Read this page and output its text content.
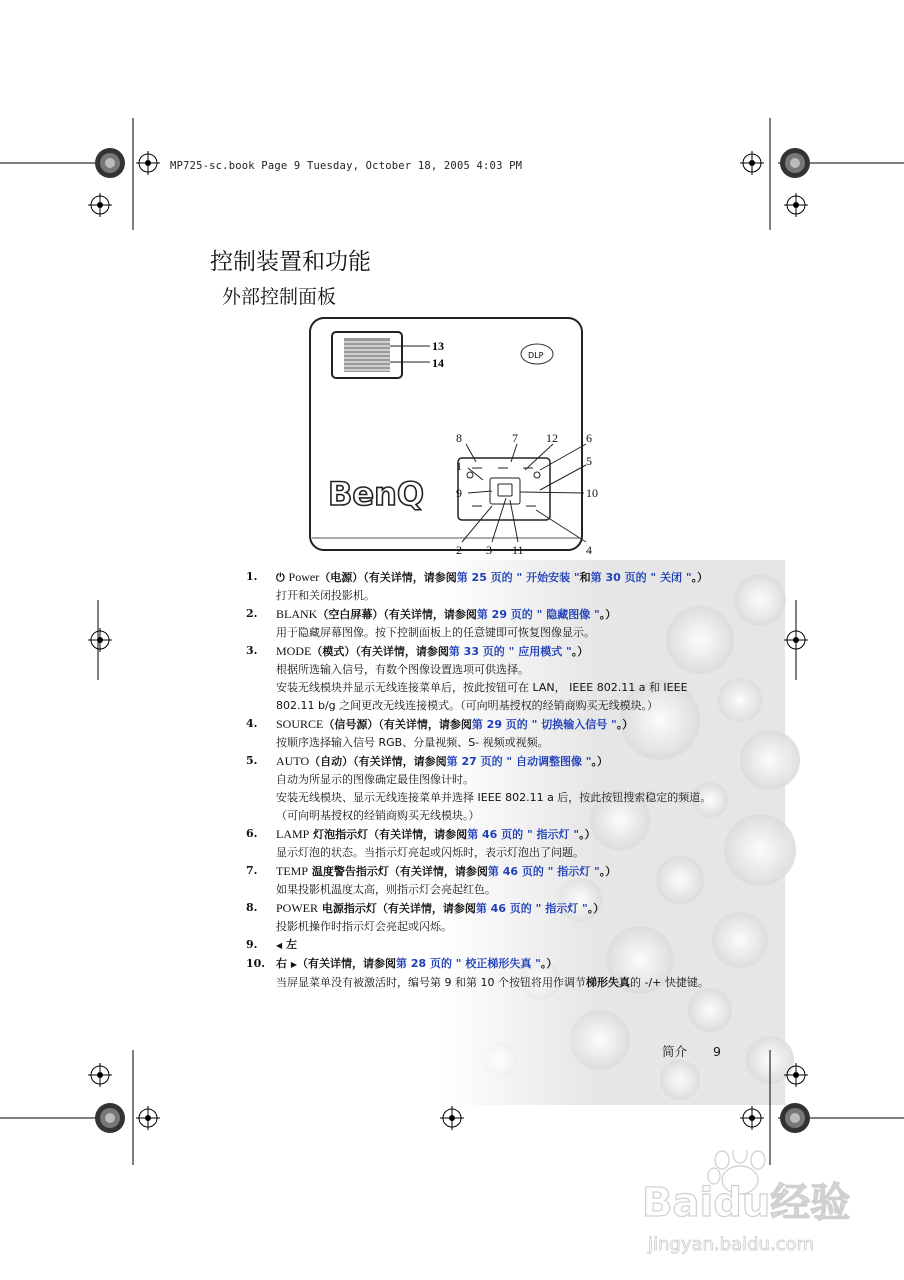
MP725-sc.book Page 9 Tuesday, October 18, 2005 4:03 PM
控制装置和功能
外部控制面板
13
14
DLP
BenQ
8	7 12 6
1	5
9	10
2 3 11	4
1. ⏻ Power（电源）（有关详情，请参阅第 25 页的 " 开始安装 "和第 30 页的 " 关闭 "。）
打开和关闭投影机。
2. BLANK（空白屏幕）（有关详情，请参阅第 29 页的 " 隐藏图像 "。）
用于隐藏屏幕图像。按下控制面板上的任意键即可恢复图像显示。
3. MODE（模式）（有关详情，请参阅第 33 页的 " 应用模式 "。）
根据所选输入信号，有数个图像设置选项可供选择。
安装无线模块并显示无线连接菜单后，按此按钮可在 LAN， IEEE 802.11 a 和 IEEE 802.11 b/g 之间更改无线连接模式。（可向明基授权的经销商购买无线模块。）
4. SOURCE（信号源）（有关详情，请参阅第 29 页的 " 切换输入信号 "。）
按顺序选择输入信号 RGB、分量视频、S- 视频或视频。
5. AUTO（自动）（有关详情，请参阅第 27 页的 " 自动调整图像 "。）
自动为所显示的图像确定最佳图像计时。
安装无线模块、显示无线连接菜单并选择 IEEE 802.11 a 后，按此按钮搜索稳定的频道。（可向明基授权的经销商购买无线模块。）
6. LAMP 灯泡指示灯（有关详情，请参阅第 46 页的 " 指示灯 "。）
显示灯泡的状态。当指示灯亮起或闪烁时，表示灯泡出了问题。
7. TEMP 温度警告指示灯（有关详情，请参阅第 46 页的 " 指示灯 "。）
如果投影机温度太高，则指示灯会亮起红色。
8. POWER 电源指示灯（有关详情，请参阅第 46 页的 " 指示灯 "。）
投影机操作时指示灯会亮起或闪烁。
9. ◀ 左
10. 右 ▶（有关详情，请参阅第 28 页的 " 校正梯形失真 "。）
当屏显菜单没有被激活时，编号第 9 和第 10 个按钮将用作调节梯形失真的 -/+ 快捷键。
简介 9
Baidu经验
jingyan.baidu.com
